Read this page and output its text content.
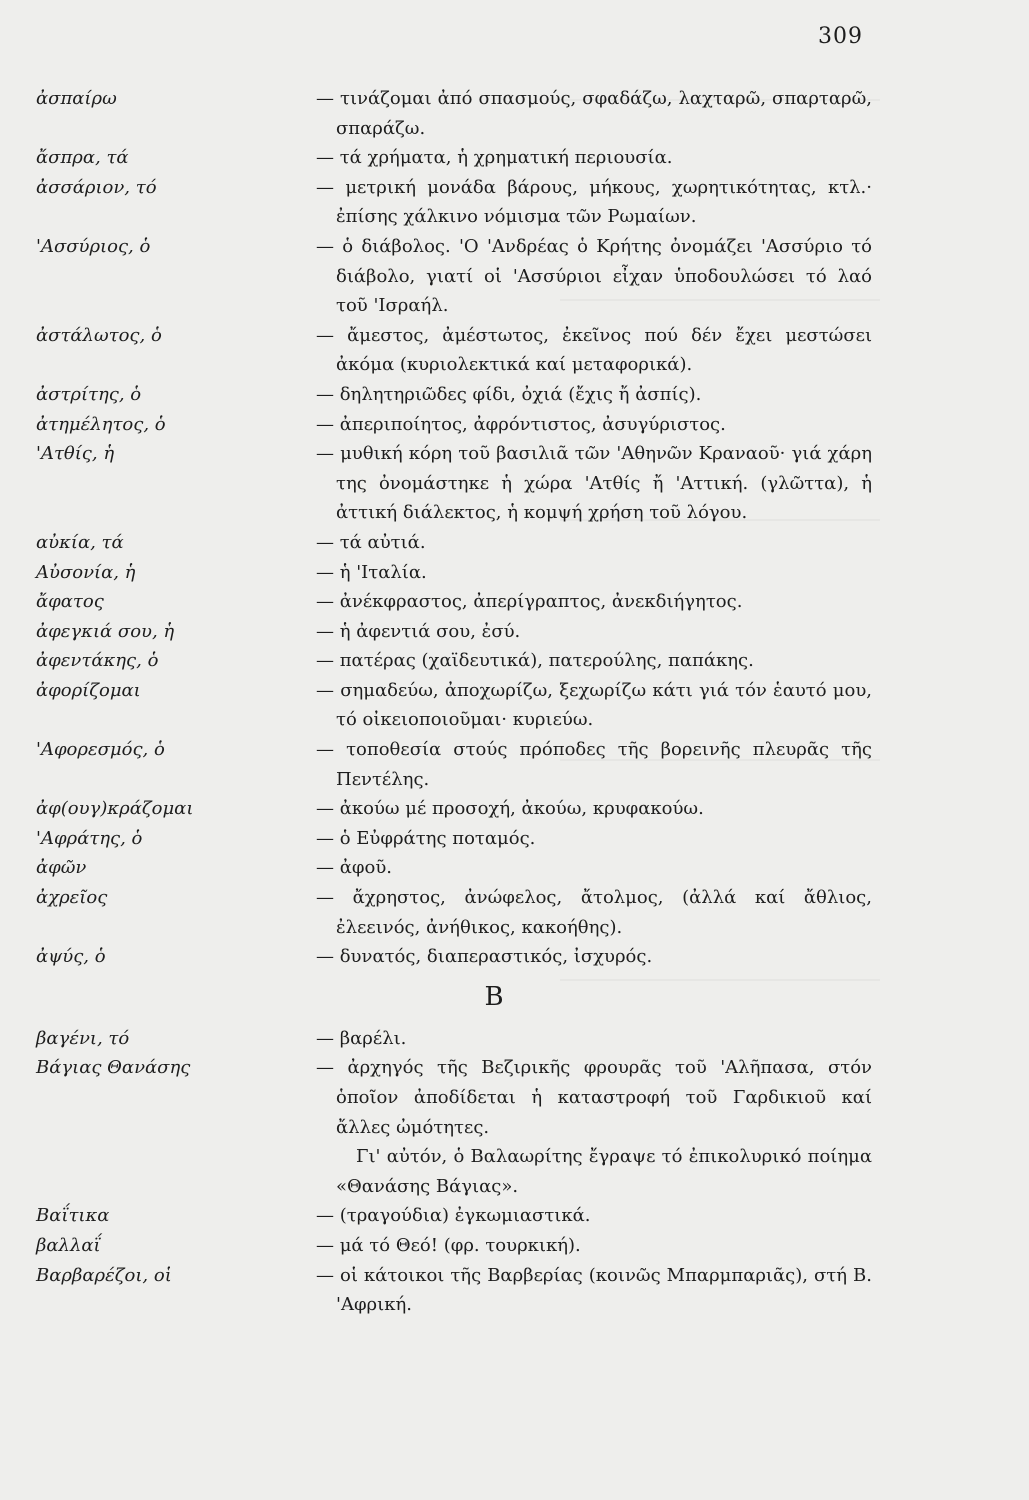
309
ἀσπαίρω	— τινάζομαι ἀπό σπασμούς, σφαδάζω, λαχταρῶ, σπαρταρῶ, σπαράζω.
ἄσπρα, τά	— τά χρήματα, ἡ χρηματική περιουσία.
ἀσσάριον, τό	— μετρική μονάδα βάρους, μήκους, χωρητικότητας, κτλ.· ἐπίσης χάλκινο νόμισμα τῶν Ρωμαίων.
'Ασσύριος, ὁ	— ὁ διάβολος. 'Ο 'Ανδρέας ὁ Κρήτης ὀνομάζει 'Ασσύριο τό διάβολο, γιατί οἱ 'Ασσύριοι εἶχαν ὑποδουλώσει τό λαό τοῦ 'Ισραήλ.
ἀστάλωτος, ὁ	— ἄμεστος, ἀμέστωτος, ἐκεῖνος πού δέν ἔχει μεστώσει ἀκόμα (κυριολεκτικά καί μεταφορικά).
ἀστρίτης, ὁ	— δηλητηριῶδες φίδι, ὀχιά (ἔχις ἤ ἀσπίς).
ἀτημέλητος, ὁ	— ἀπεριποίητος, ἀφρόντιστος, ἀσυγύριστος.
'Ατθίς, ἡ	— μυθική κόρη τοῦ βασιλιᾶ τῶν 'Αθηνῶν Κραναοῦ· γιά χάρη της ὀνομάστηκε ἡ χώρα 'Ατθίς ἤ 'Αττική. (γλῶττα), ἡ ἀττική διάλεκτος, ἡ κομψή χρήση τοῦ λόγου.
αὐκία, τά	— τά αὐτιά.
Αὐσονία, ἡ	— ἡ 'Ιταλία.
ἄφατος	— ἀνέκφραστος, ἀπερίγραπτος, ἀνεκδιήγητος.
ἀφεγκιά σου, ἡ	— ἡ ἀφεντιά σου, ἐσύ.
ἀφεντάκης, ὁ	— πατέρας (χαϊδευτικά), πατερούλης, παπάκης.
ἀφορίζομαι	— σημαδεύω, ἀποχωρίζω, ξεχωρίζω κάτι γιά τόν ἑαυτό μου, τό οἰκειοποιοῦμαι· κυριεύω.
'Αφορεσμός, ὁ	— τοποθεσία στούς πρόποδες τῆς βορεινῆς πλευρᾶς τῆς Πεντέλης.
ἀφ(ουγ)κράζομαι	— ἀκούω μέ προσοχή, ἀκούω, κρυφακούω.
'Αφράτης, ὁ	— ὁ Εὐφράτης ποταμός.
ἀφῶν	— ἀφοῦ.
ἀχρεῖος	— ἄχρηστος, ἀνώφελος, ἄτολμος, (ἀλλά καί ἄθλιος, ἐλεεινός, ἀνήθικος, κακοήθης).
ἀψύς, ὁ	— δυνατός, διαπεραστικός, ἰσχυρός.
Β
βαγένι, τό	— βαρέλι.
Βάγιας Θανάσης	— ἀρχηγός τῆς Βεζιρικῆς φρουρᾶς τοῦ 'Αλῆπασα, στόν ὁποῖον ἀποδίδεται ἡ καταστροφή τοῦ Γαρδικιοῦ καί ἄλλες ὠμότητες.
Γι' αὐτόν, ὁ Βαλαωρίτης ἔγραψε τό ἐπικολυρικό ποίημα «Θανάσης Βάγιας».
Βαΐτικα	— (τραγούδια) ἐγκωμιαστικά.
βαλλαΐ	— μά τό Θεό! (φρ. τουρκική).
Βαρβαρέζοι, οἱ	— οἱ κάτοικοι τῆς Βαρβερίας (κοινῶς Μπαρμπαριᾶς), στή Β. 'Αφρική.
